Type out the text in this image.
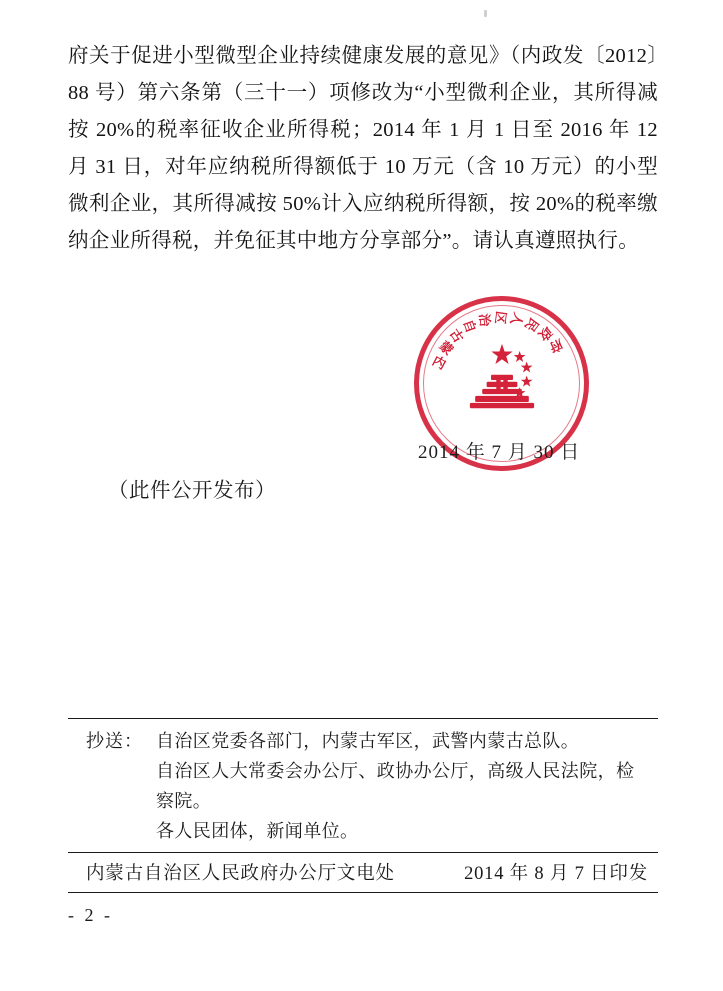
府关于促进小型微型企业持续健康发展的意见》（内政发〔2012〕88 号）第六条第（三十一）项修改为“小型微利企业，其所得减按 20%的税率征收企业所得税；2014 年 1 月 1 日至 2016 年 12 月 31 日，对年应纳税所得额低于 10 万元（含 10 万元）的小型微利企业，其所得减按 50%计入应纳税所得额，按 20%的税率缴纳企业所得税，并免征其中地方分享部分”。请认真遵照执行。

内
蒙
古
自
治 区
人
民
政
府
2014 年 7 月 30 日
（此件公开发布）
抄送： 自治区党委各部门，内蒙古军区，武警内蒙古总队。
自治区人大常委会办公厅、政协办公厅，高级人民法院，检
察院。
各人民团体，新闻单位。
内蒙古自治区人民政府办公厅文电处	2014 年 8 月 7 日印发
- 2 -
